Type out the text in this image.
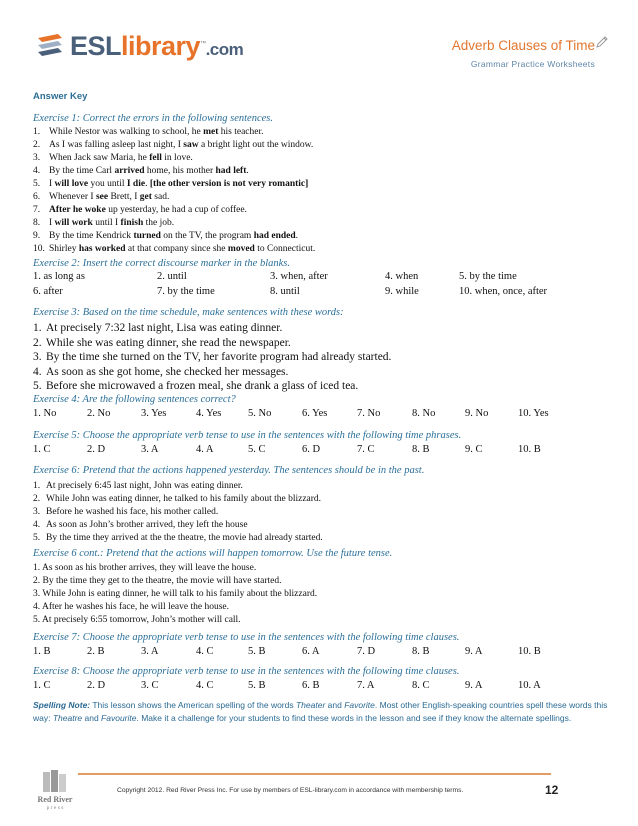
ESLlibrary™.com	Adverb Clauses of Time
Grammar Practice Worksheets
Answer Key
Exercise 1: Correct the errors in the following sentences.
1. While Nestor was walking to school, he met his teacher.
2. As I was falling asleep last night, I saw a bright light out the window.
3. When Jack saw Maria, he fell in love.
4. By the time Carl arrived home, his mother had left.
5. I will love you until I die. [the other version is not very romantic]
6. Whenever I see Brett, I get sad.
7. After he woke up yesterday, he had a cup of coffee.
8. I will work until I finish the job.
9. By the time Kendrick turned on the TV, the program had ended.
10. Shirley has worked at that company since she moved to Connecticut.
Exercise 2: Insert the correct discourse marker in the blanks.
1. as long as	2. until	3. when, after	4. when	5. by the time
6. after	7. by the time	8. until	9. while	10. when, once, after
Exercise 3: Based on the time schedule, make sentences with these words:
1. At precisely 7:32 last night, Lisa was eating dinner.
2. While she was eating dinner, she read the newspaper.
3. By the time she turned on the TV, her favorite program had already started.
4. As soon as she got home, she checked her messages.
5. Before she microwaved a frozen meal, she drank a glass of iced tea.
Exercise 4: Are the following sentences correct?
1. No	2. No	3. Yes	4. Yes	5. No	6. Yes	7. No	8. No	9. No	10. Yes
Exercise 5: Choose the appropriate verb tense to use in the sentences with the following time phrases.
1. C	2. D	3. A	4. A	5. C	6. D	7. C	8. B	9. C	10. B
Exercise 6: Pretend that the actions happened yesterday. The sentences should be in the past.
1. At precisely 6:45 last night, John was eating dinner.
2. While John was eating dinner, he talked to his family about the blizzard.
3. Before he washed his face, his mother called.
4. As soon as John’s brother arrived, they left the house
5. By the time they arrived at the the theatre, the movie had already started.
Exercise 6 cont.: Pretend that the actions will happen tomorrow. Use the future tense.
1. As soon as his brother arrives, they will leave the house.
2. By the time they get to the theatre, the movie will have started.
3. While John is eating dinner, he will talk to his family about the blizzard.
4. After he washes his face, he will leave the house.
5. At precisely 6:55 tomorrow, John’s mother will call.
Exercise 7: Choose the appropriate verb tense to use in the sentences with the following time clauses.
1. B	2. B	3. A	4. C	5. B	6. A	7. D	8. B	9. A	10. B
Exercise 8: Choose the appropriate verb tense to use in the sentences with the following time clauses.
1. C	2. D	3. C	4. C	5. B	6. B	7. A	8. C	9. A	10. A
Spelling Note: This lesson shows the American spelling of the words Theater and Favorite. Most other English-speaking countries spell these words this way: Theatre and Favourite. Make it a challenge for your students to find these words in the lesson and see if they know the alternate spellings.
Red River
p r e s s
Copyright 2012. Red River Press Inc. For use by members of ESL-library.com in accordance with membership terms.	12
